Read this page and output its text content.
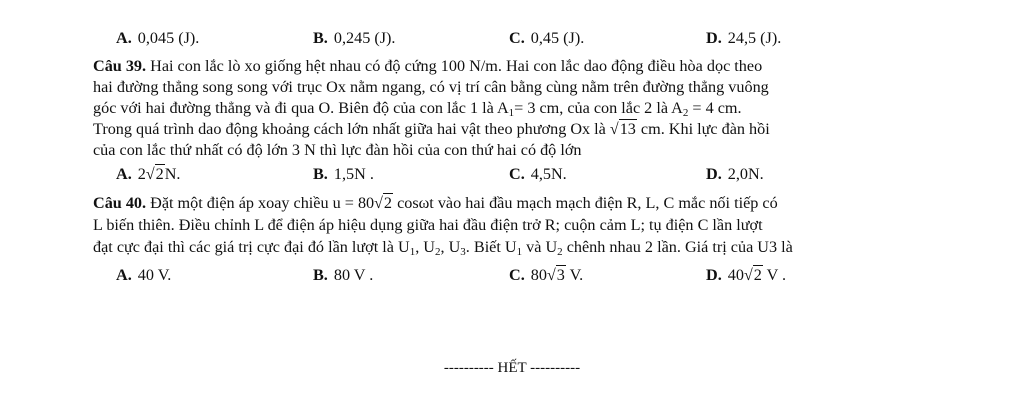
A. 0,045 (J).	B. 0,245 (J).	C. 0,45 (J).	D. 24,5 (J).
Câu 39. Hai con lắc lò xo giống hệt nhau có độ cứng 100 N/m. Hai con lắc dao động điều hòa dọc theo
hai đường thẳng song song với trục Ox nằm ngang, có vị trí cân bằng cùng nằm trên đường thẳng vuông
góc với hai đường thẳng và đi qua O. Biên độ của con lắc 1 là $A_1= 3$ cm, của con lắc 2 là $A_2 = 4$ cm.
Trong quá trình dao động khoảng cách lớn nhất giữa hai vật theo phương Ox là √13 cm. Khi lực đàn hồi
của con lắc thứ nhất có độ lớn 3 N thì lực đàn hồi của con thứ hai có độ lớn
A. 2√2N.	B. 1,5N .	C. 4,5N.	D. 2,0N.
Câu 40. Đặt một điện áp xoay chiều u = 80√2 cosωt vào hai đầu mạch mạch điện R, L, C mắc nối tiếp có
L biến thiên. Điều chỉnh L để điện áp hiệu dụng giữa hai đầu điện trở R; cuộn cảm L; tụ điện C lần lượt
đạt cực đại thì các giá trị cực đại đó lần lượt là $U_1$, $U_2$, $U_3$. Biết $U_1$ và $U_2$ chênh nhau 2 lần. Giá trị của U3 là
A. 40 V.	B. 80 V .	C. 80√3 V.	D. 40√2 V .
---------- HẾT ----------
